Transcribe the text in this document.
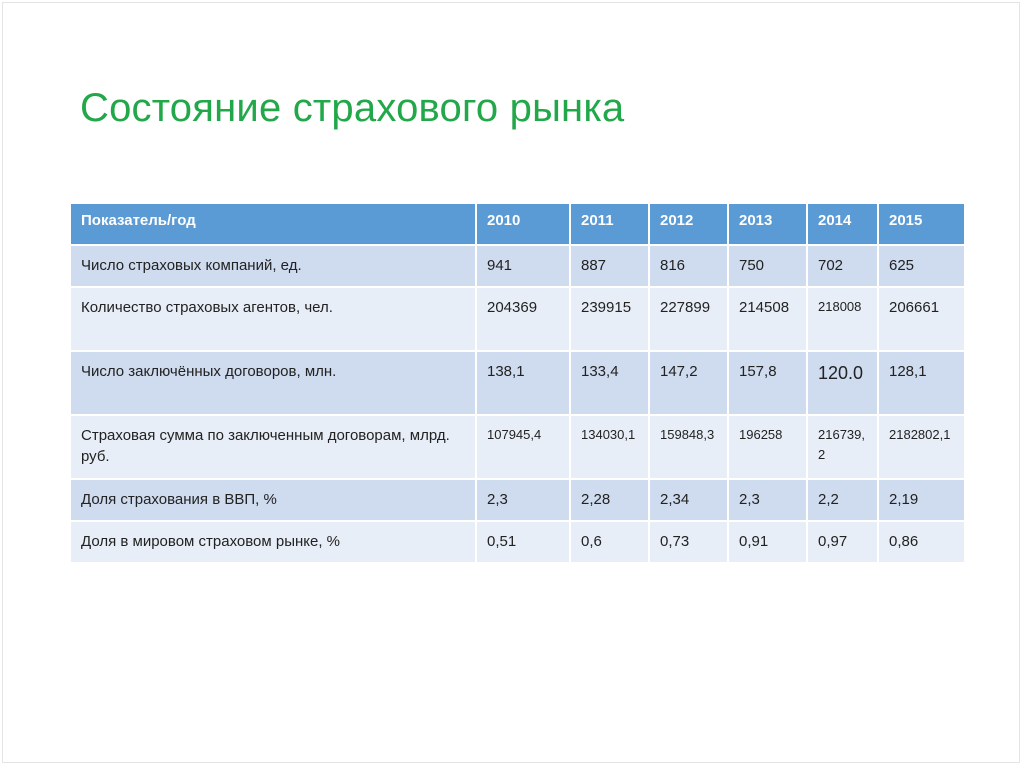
Состояние страхового рынка
Показатель/год	2010	2011	2012	2013	2014	2015
Число страховых компаний, ед.	941	887	816	750	702	625
Количество страховых агентов, чел.	204369	239915	227899	214508	218008	206661
Число заключённых договоров, млн.	138,1	133,4	147,2	157,8	120.0	128,1
Страховая сумма по заключенным договорам, млрд. руб.	107945,4	134030,1	159848,3	196258	216739,2	2182802,1
Доля страхования в ВВП, %	2,3	2,28	2,34	2,3	2,2	2,19
Доля в мировом страховом рынке, %	0,51	0,6	0,73	0,91	0,97	0,86
